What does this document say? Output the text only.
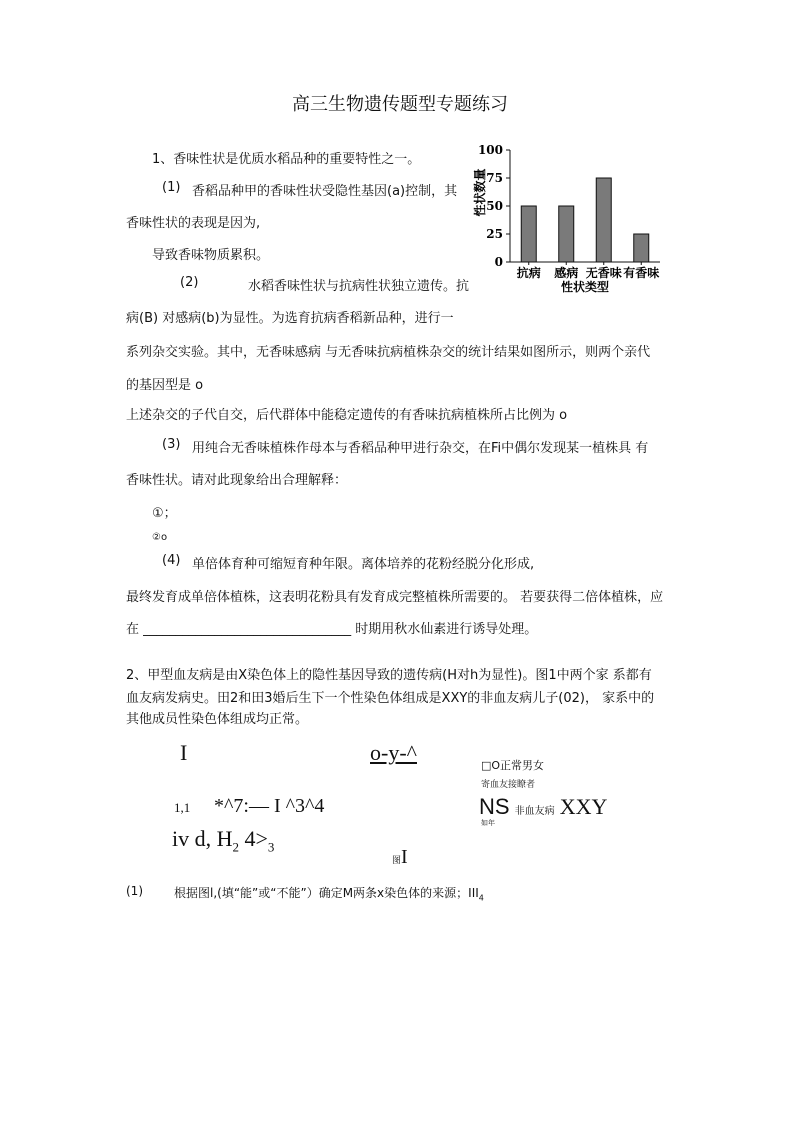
高三生物遗传题型专题练习
1、香味性状是优质水稻品种的重要特性之一。
(1) 香稻品种甲的香味性状受隐性基因(a)控制，其
香味性状的表现是因为,
导致香味物质累积。
(2)	水稻香味性状与抗病性状独立遗传。抗
病(B) 对感病(b)为显性。为选育抗病香稻新品种，进行一
系列杂交实验。其中，无香味感病 与无香味抗病植株杂交的统计结果如图所示，则两个亲代
的基因型是 o
上述杂交的子代自交，后代群体中能稳定遗传的有香味抗病植株所占比例为 o
(3) 用纯合无香味植株作母本与香稻品种甲进行杂交，在Fi中偶尔发现某一植株具 有
香味性状。请对此现象给出合理解释：
①；
②o
(4) 单倍体育种可缩短育种年限。离体培养的花粉经脱分化形成,
最终发育成单倍体植株，这表明花粉具有发育成完整植株所需要的。 若要获得二倍体植株，应
在 ________________________________ 时期用秋水仙素进行诱导处理。
0
25
50
75
100
抗病 感病 无香味 有香味
性状数量
性状类型
2、甲型血友病是由X染色体上的隐性基因导致的遗传病(H对h为显性)。图1中两个家 系都有
血友病发病史。田2和田3婚后生下一个性染色体组成是XXY的非血友病儿子(02)， 家系中的
其他成员性染色体组成均正常。
I	o-y-^
1,1 *^7:— I ^3^4
iv d, $H_2$ $4>_3$
□O正常男女
寄血友接瞭者
NS 非血友病 XXY
如年
图I
(1)	根据图l,(填“能”或“不能”）确定M两条x染色体的来源；$III_4$
